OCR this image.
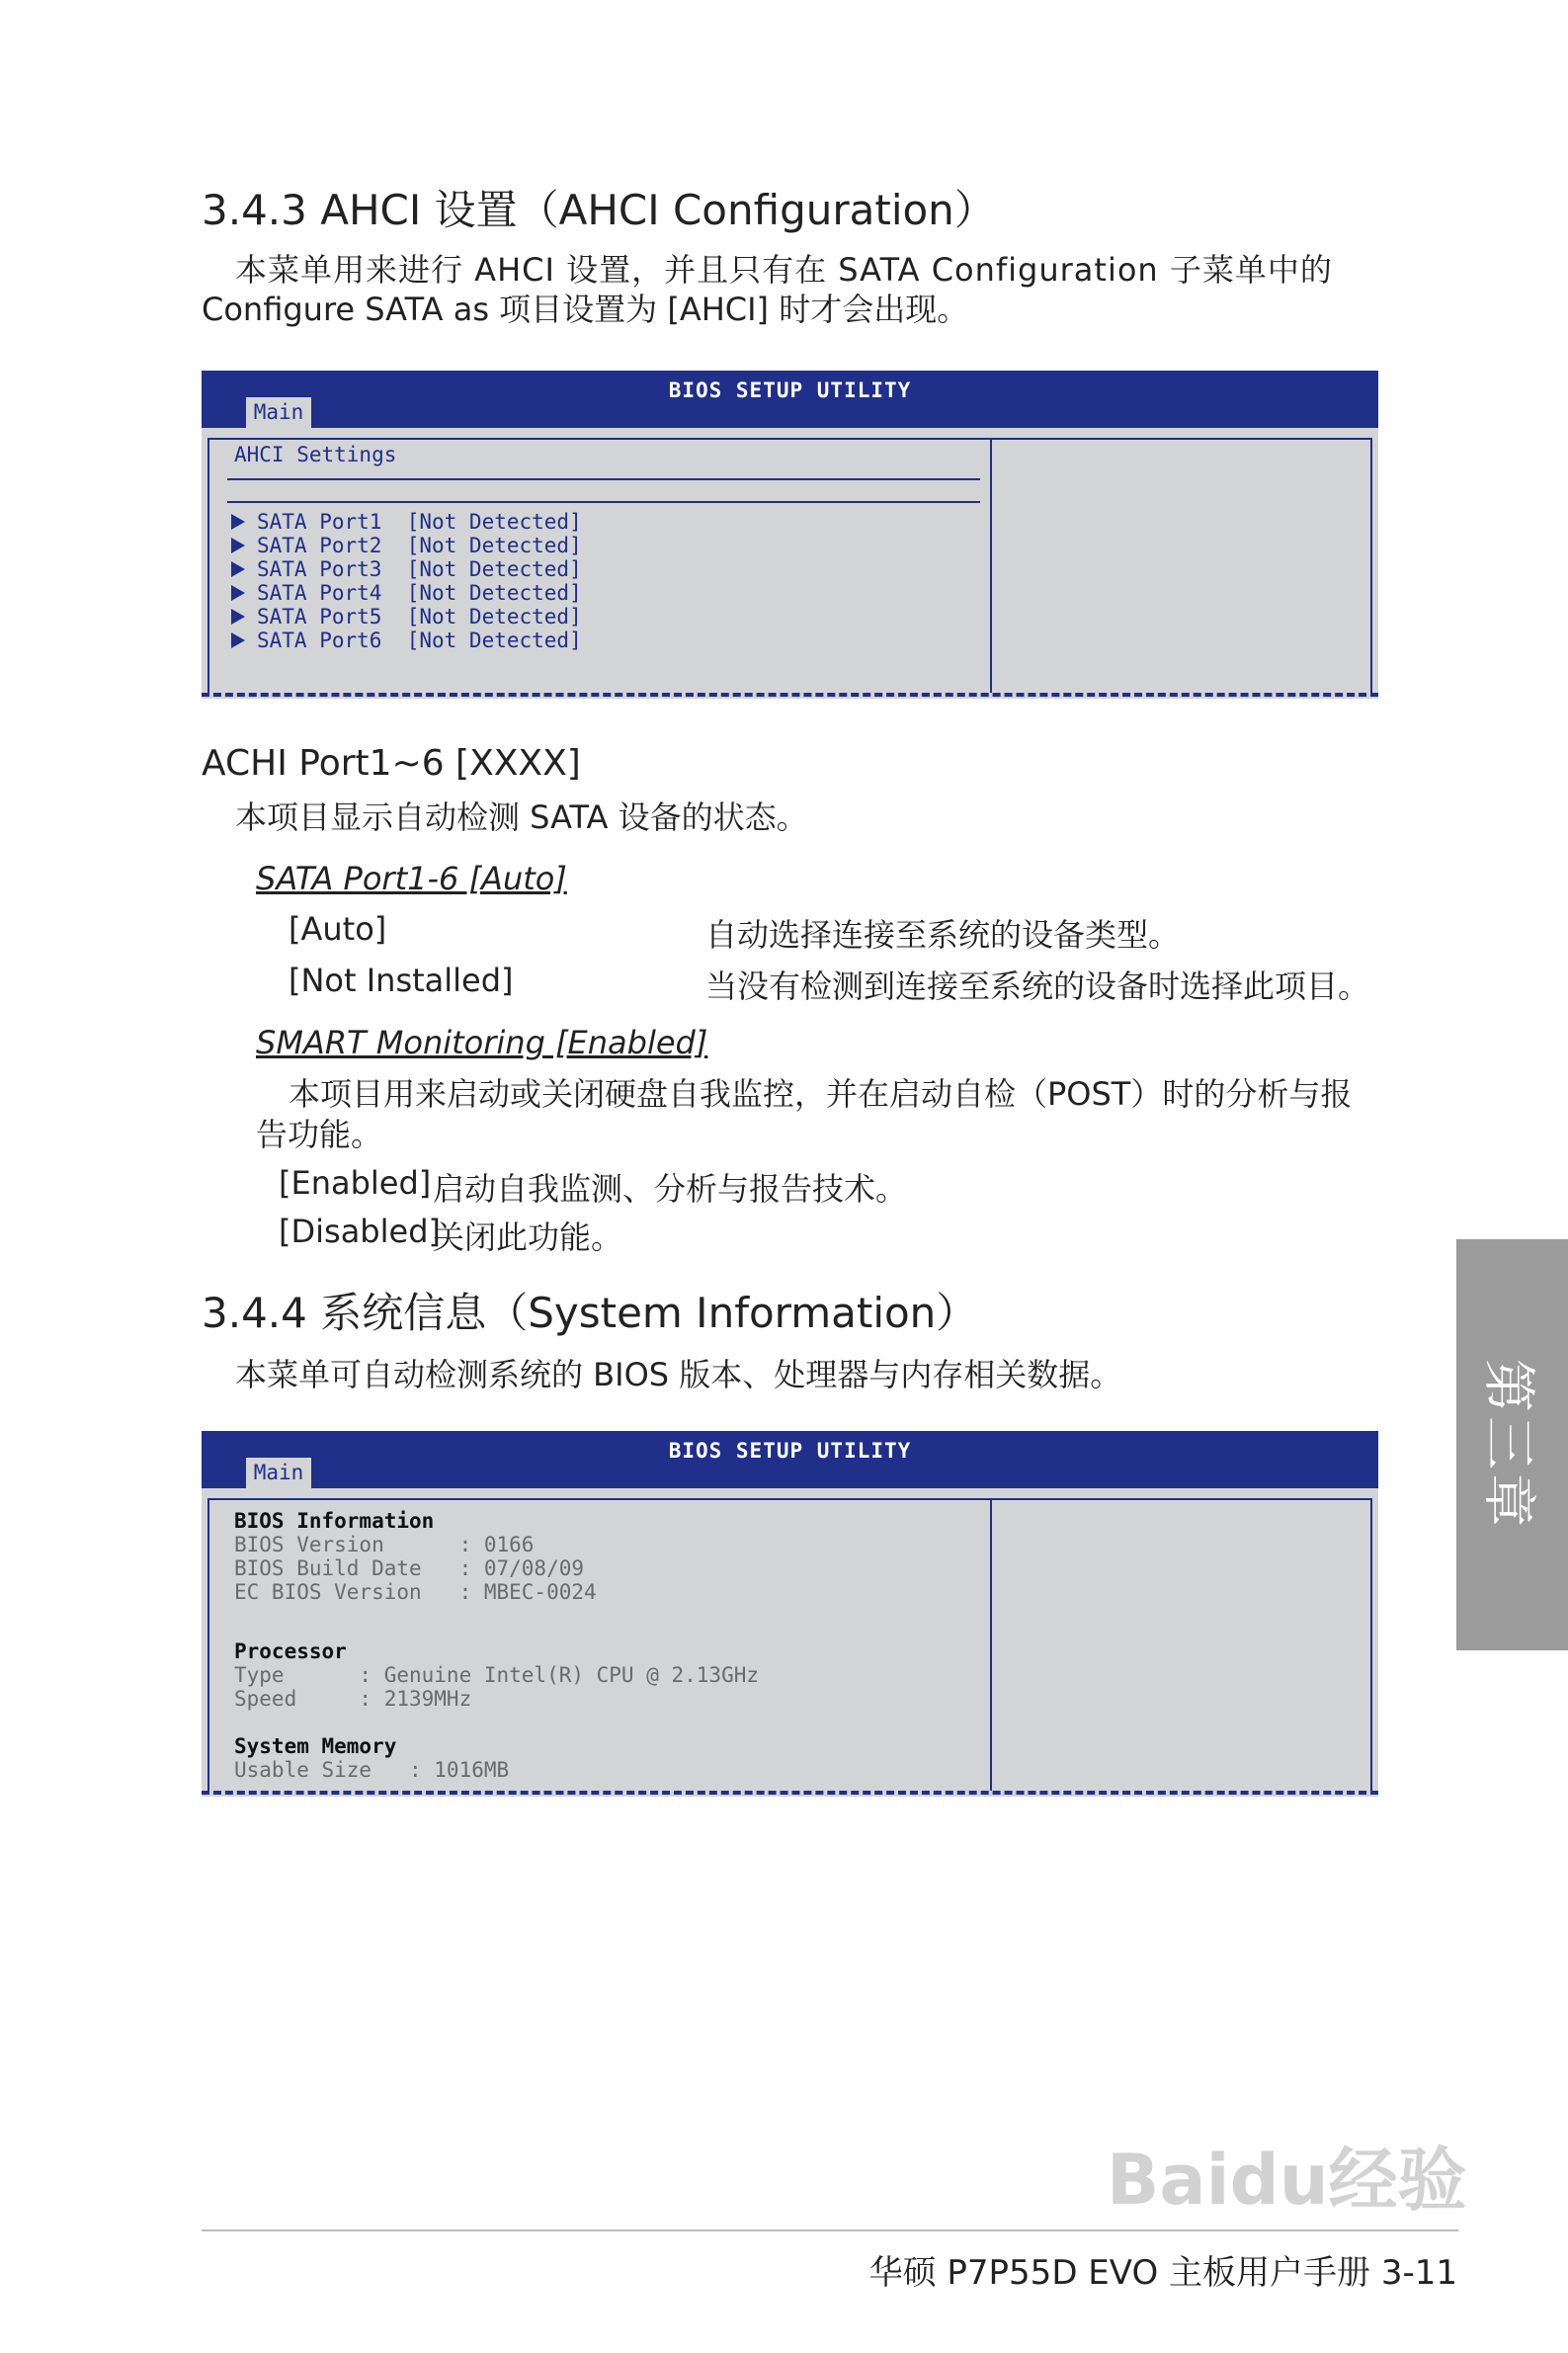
3.4.3 AHCI 设置（AHCI Configuration）
本菜单用来进行 AHCI 设置，并且只有在 SATA Configuration 子菜单中的
Configure SATA as 项目设置为 [AHCI] 时才会出现。
BIOS SETUP UTILITY
Main
AHCI Settings
SATA Port1  [Not Detected]
SATA Port2  [Not Detected]
SATA Port3  [Not Detected]
SATA Port4  [Not Detected]
SATA Port5  [Not Detected]
SATA Port6  [Not Detected]
ACHI Port1~6 [XXXX]
本项目显示自动检测 SATA 设备的状态。
SATA Port1-6 [Auto]
[Auto]	自动选择连接至系统的设备类型。
[Not Installed]	当没有检测到连接至系统的设备时选择此项目。
SMART Monitoring [Enabled]
本项目用来启动或关闭硬盘自我监控，并在启动自检（POST）时的分析与报
告功能。
[Enabled] 启动自我监测、分析与报告技术。
[Disabled]
关闭此功能。
3.4.4 系统信息（System Information）
本菜单可自动检测系统的 BIOS 版本、处理器与内存相关数据。
BIOS SETUP UTILITY
Main
BIOS Information
BIOS Version      : 0166
BIOS Build Date   : 07/08/09
EC BIOS Version   : MBEC-0024
Processor
Type      : Genuine Intel(R) CPU @ 2.13GHz
Speed     : 2139MHz
System Memory
Usable Size   : 1016MB
第三章
Baidu经验
华硕 P7P55D EVO 主板用户手册 3-11
